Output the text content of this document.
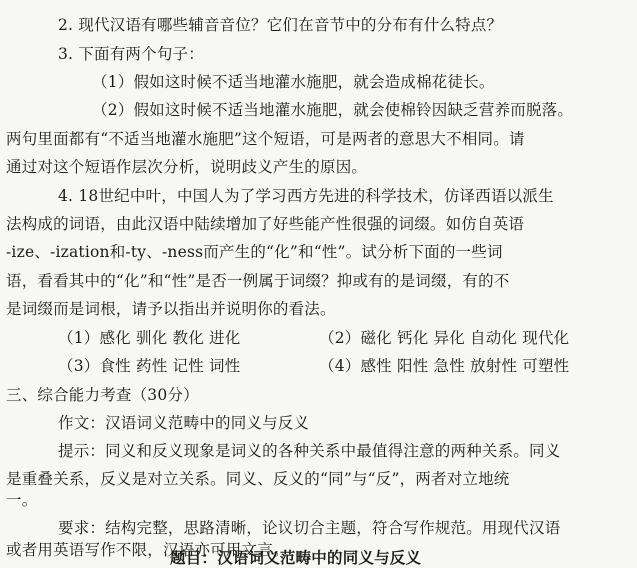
2. 现代汉语有哪些辅音音位？它们在音节中的分布有什么特点？
3. 下面有两个句子：
（1）假如这时候不适当地灌水施肥，就会造成棉花徒长。
（2）假如这时候不适当地灌水施肥，就会使棉铃因缺乏营养而脱落。
两句里面都有“不适当地灌水施肥”这个短语，可是两者的意思大不相同。请
通过对这个短语作层次分析，说明歧义产生的原因。
4. 18世纪中叶，中国人为了学习西方先进的科学技术，仿译西语以派生
法构成的词语，由此汉语中陆续增加了好些能产性很强的词缀。如仿自英语
-ize、-ization和-ty、-ness而产生的“化”和“性”。试分析下面的一些词
语，看看其中的“化”和“性”是否一例属于词缀？抑或有的是词缀，有的不
是词缀而是词根，请予以指出并说明你的看法。
（1）感化 驯化 教化 进化	（2）磁化 钙化 异化 自动化 现代化
（3）食性 药性 记性 词性	（4）感性 阳性 急性 放射性 可塑性
三、综合能力考查（30分）
作文：汉语词义范畴中的同义与反义
提示：同义和反义现象是词义的各种关系中最值得注意的两种关系。同义
是重叠关系，反义是对立关系。同义、反义的“同”与“反”，两者对立地统
一。
要求：结构完整，思路清晰，论议切合主题，符合写作规范。用现代汉语
或者用英语写作不限，汉语亦可用文言。
题目：汉语词义范畴中的同义与反义
